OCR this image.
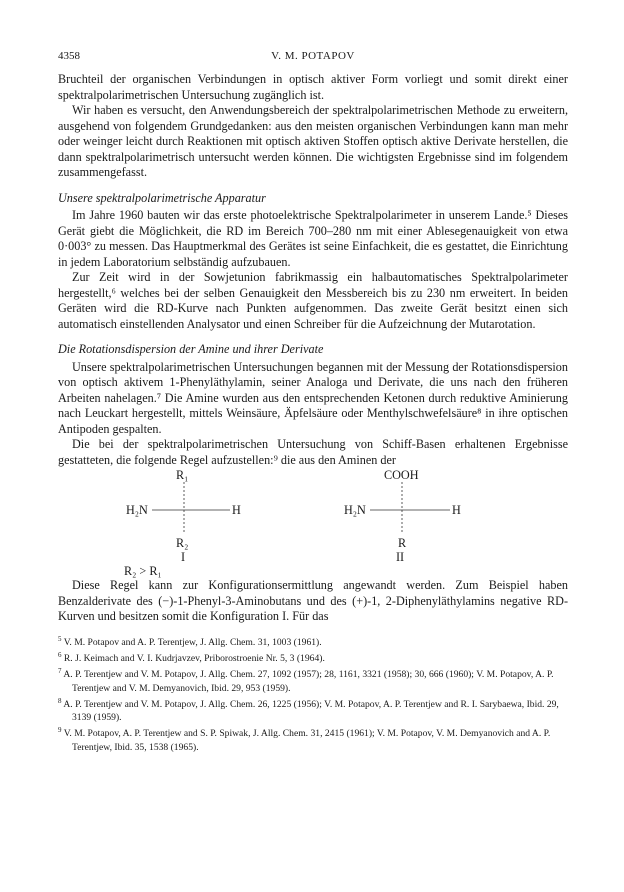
4358	V. M. POTAPOV

Bruchteil der organischen Verbindungen in optisch aktiver Form vorliegt und somit direkt einer spektralpolarimetrischen Untersuchung zugänglich ist.

Wir haben es versucht, den Anwendungsbereich der spektralpolarimetrischen Methode zu erweitern, ausgehend von folgendem Grundgedanken: aus den meisten organischen Verbindungen kann man mehr oder weinger leicht durch Reaktionen mit optisch aktiven Stoffen optisch aktive Derivate herstellen, die dann spektralpolarimetrisch untersucht werden können. Die wichtigsten Ergebnisse sind im folgendem zusammengefasst.

Unsere spektralpolarimetrische Apparatur

Im Jahre 1960 bauten wir das erste photoelektrische Spektralpolarimeter in unserem Lande.⁵ Dieses Gerät giebt die Möglichkeit, die RD im Bereich 700–280 nm mit einer Ablesegenauigkeit von etwa 0·003° zu messen. Das Hauptmerkmal des Gerätes ist seine Einfachkeit, die es gestattet, die Einrichtung in jedem Laboratorium selbständig aufzubauen.

Zur Zeit wird in der Sowjetunion fabrikmassig ein halbautomatisches Spektralpolarimeter hergestellt,⁶ welches bei der selben Genauigkeit den Messbereich bis zu 230 nm erweitert. In beiden Geräten wird die RD-Kurve nach Punkten aufgenommen. Das zweite Gerät besitzt einen sich automatisch einstellenden Analysator und einen Schreiber für die Aufzeichnung der Mutarotation.

Die Rotationsdispersion der Amine und ihrer Derivate

Unsere spektralpolarimetrischen Untersuchungen begannen mit der Messung der Rotationsdispersion von optisch aktivem 1-Phenyläthylamin, seiner Analoga und Derivate, die uns nach den früheren Arbeiten nahelagen.⁷ Die Amine wurden aus den entsprechenden Ketonen durch reduktive Aminierung nach Leuckart hergestellt, mittels Weinsäure, Äpfelsäure oder Menthylschwefelsäure⁸ in ihre optischen Antipoden gespalten.

Die bei der spektralpolarimetrischen Untersuchung von Schiff-Basen erhaltenen Ergebnisse gestatteten, die folgende Regel aufzustellen:⁹ die aus den Aminen der

R₁
H₂N	H
R₂
I
COOH
H₂N	H
R
II
R₂ > R₁

Diese Regel kann zur Konfigurationsermittlung angewandt werden. Zum Beispiel haben Benzalderivate des (−)-1-Phenyl-3-Aminobutans und des (+)-1, 2-Diphenyläthylamins negative RD-Kurven und besitzen somit die Konfiguration I. Für das

$^5$ V. M. Potapov and A. P. Terentjew, J. Allg. Chem. 31, 1003 (1961).
$^6$ R. J. Keimach and V. I. Kudrjavzev, Priborostroenie Nr. 5, 3 (1964).
$^7$ A. P. Terentjew and V. M. Potapov, J. Allg. Chem. 27, 1092 (1957); 28, 1161, 3321 (1958); 30, 666 (1960); V. M. Potapov, A. P. Terentjew and V. M. Demyanovich, Ibid. 29, 953 (1959).
$^8$ A. P. Terentjew and V. M. Potapov, J. Allg. Chem. 26, 1225 (1956); V. M. Potapov, A. P. Terentjew and R. I. Sarybaewa, Ibid. 29, 3139 (1959).
$^9$ V. M. Potapov, A. P. Terentjew and S. P. Spiwak, J. Allg. Chem. 31, 2415 (1961); V. M. Potapov, V. M. Demyanovich and A. P. Terentjew, Ibid. 35, 1538 (1965).
